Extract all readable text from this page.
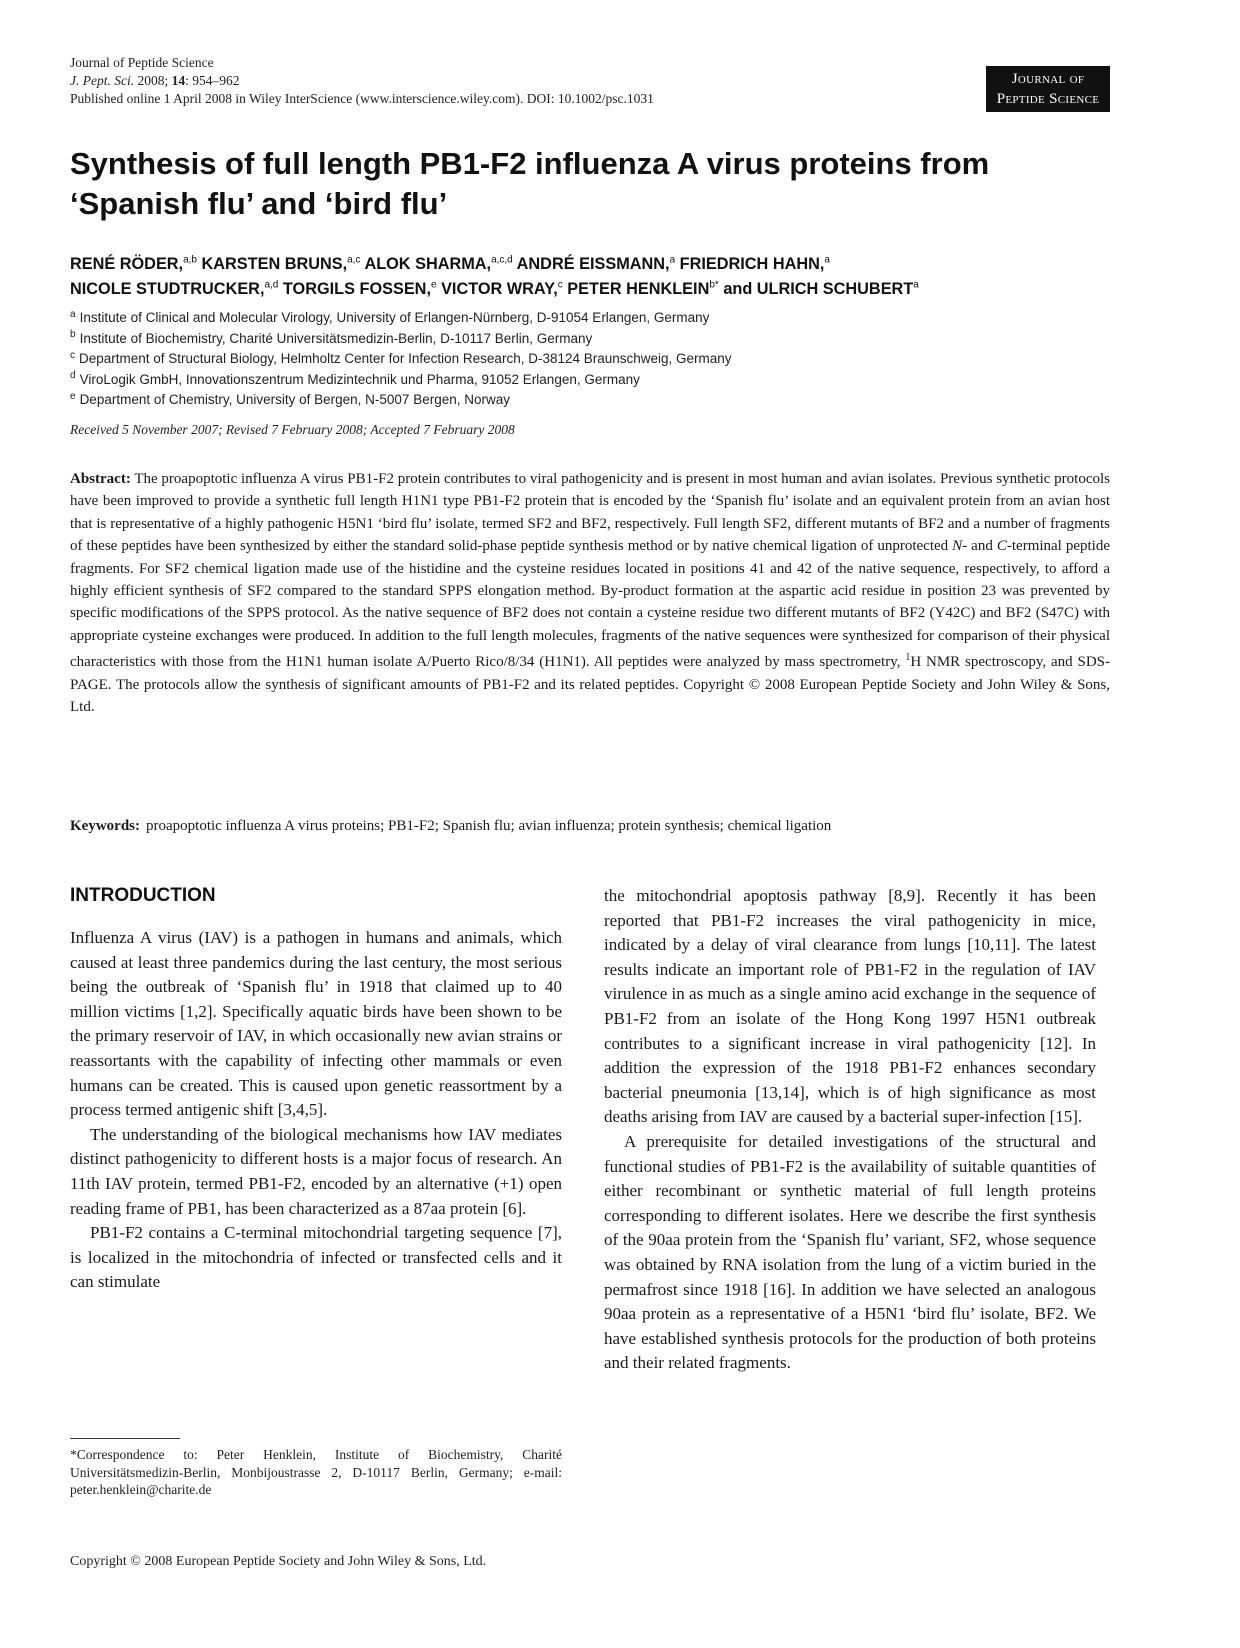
Journal of Peptide Science
J. Pept. Sci. 2008; 14: 954–962
Published online 1 April 2008 in Wiley InterScience (www.interscience.wiley.com). DOI: 10.1002/psc.1031
Journal of
Peptide Science
Synthesis of full length PB1-F2 influenza A virus proteins from ‘Spanish flu’ and ‘bird flu’
RENÉ RÖDER,$^{a,b}$ KARSTEN BRUNS,$^{a,c}$ ALOK SHARMA,$^{a,c,d}$ ANDRÉ EISSMANN,$^a$ FRIEDRICH HAHN,$^a$
NICOLE STUDTRUCKER,$^{a,d}$ TORGILS FOSSEN,$^e$ VICTOR WRAY,$^c$ PETER $HENKLEIN^{b*}$ and ULRICH SCHUBERT$^a$
$^a$ Institute of Clinical and Molecular Virology, University of Erlangen-Nürnberg, D-91054 Erlangen, Germany
$^b$ Institute of Biochemistry, Charité Universitätsmedizin-Berlin, D-10117 Berlin, Germany
$^c$ Department of Structural Biology, Helmholtz Center for Infection Research, D-38124 Braunschweig, Germany
$^d$ ViroLogik GmbH, Innovationszentrum Medizintechnik und Pharma, 91052 Erlangen, Germany
$^e$ Department of Chemistry, University of Bergen, N-5007 Bergen, Norway
Received 5 November 2007; Revised 7 February 2008; Accepted 7 February 2008
Abstract: The proapoptotic influenza A virus PB1-F2 protein contributes to viral pathogenicity and is present in most human and avian isolates. Previous synthetic protocols have been improved to provide a synthetic full length H1N1 type PB1-F2 protein that is encoded by the ‘Spanish flu’ isolate and an equivalent protein from an avian host that is representative of a highly pathogenic H5N1 ‘bird flu’ isolate, termed SF2 and BF2, respectively. Full length SF2, different mutants of BF2 and a number of fragments of these peptides have been synthesized by either the standard solid-phase peptide synthesis method or by native chemical ligation of unprotected N- and C-terminal peptide fragments. For SF2 chemical ligation made use of the histidine and the cysteine residues located in positions 41 and 42 of the native sequence, respectively, to afford a highly efficient synthesis of SF2 compared to the standard SPPS elongation method. By-product formation at the aspartic acid residue in position 23 was prevented by specific modifications of the SPPS protocol. As the native sequence of BF2 does not contain a cysteine residue two different mutants of BF2 (Y42C) and BF2 (S47C) with appropriate cysteine exchanges were produced. In addition to the full length molecules, fragments of the native sequences were synthesized for comparison of their physical characteristics with those from the H1N1 human isolate A/Puerto Rico/8/34 (H1N1). All peptides were analyzed by mass spectrometry, $^1$H NMR spectroscopy, and SDS-PAGE. The protocols allow the synthesis of significant amounts of PB1-F2 and its related peptides. Copyright © 2008 European Peptide Society and John Wiley & Sons, Ltd.
Keywords: proapoptotic influenza A virus proteins; PB1-F2; Spanish flu; avian influenza; protein synthesis; chemical ligation
INTRODUCTION

Influenza A virus (IAV) is a pathogen in humans and animals, which caused at least three pandemics during the last century, the most serious being the outbreak of ‘Spanish flu’ in 1918 that claimed up to 40 million victims [1,2]. Specifically aquatic birds have been shown to be the primary reservoir of IAV, in which occasionally new avian strains or reassortants with the capability of infecting other mammals or even humans can be created. This is caused upon genetic reassortment by a process termed antigenic shift [3,4,5].

The understanding of the biological mechanisms how IAV mediates distinct pathogenicity to different hosts is a major focus of research. An 11th IAV protein, termed PB1-F2, encoded by an alternative (+1) open reading frame of PB1, has been characterized as a 87aa protein [6].

PB1-F2 contains a C-terminal mitochondrial targeting sequence [7], is localized in the mitochondria of infected or transfected cells and it can stimulate

the mitochondrial apoptosis pathway [8,9]. Recently it has been reported that PB1-F2 increases the viral pathogenicity in mice, indicated by a delay of viral clearance from lungs [10,11]. The latest results indicate an important role of PB1-F2 in the regulation of IAV virulence in as much as a single amino acid exchange in the sequence of PB1-F2 from an isolate of the Hong Kong 1997 H5N1 outbreak contributes to a significant increase in viral pathogenicity [12]. In addition the expression of the 1918 PB1-F2 enhances secondary bacterial pneumonia [13,14], which is of high significance as most deaths arising from IAV are caused by a bacterial super-infection [15].

A prerequisite for detailed investigations of the structural and functional studies of PB1-F2 is the availability of suitable quantities of either recombinant or synthetic material of full length proteins corresponding to different isolates. Here we describe the first synthesis of the 90aa protein from the ‘Spanish flu’ variant, SF2, whose sequence was obtained by RNA isolation from the lung of a victim buried in the permafrost since 1918 [16]. In addition we have selected an analogous 90aa protein as a representative of a H5N1 ‘bird flu’ isolate, BF2. We have established synthesis protocols for the production of both proteins and their related fragments.

*Correspondence to: Peter Henklein, Institute of Biochemistry, Charité Universitätsmedizin-Berlin, Monbijoustrasse 2, D-10117 Berlin, Germany; e-mail: peter.henklein@charite.de
Copyright © 2008 European Peptide Society and John Wiley & Sons, Ltd.
